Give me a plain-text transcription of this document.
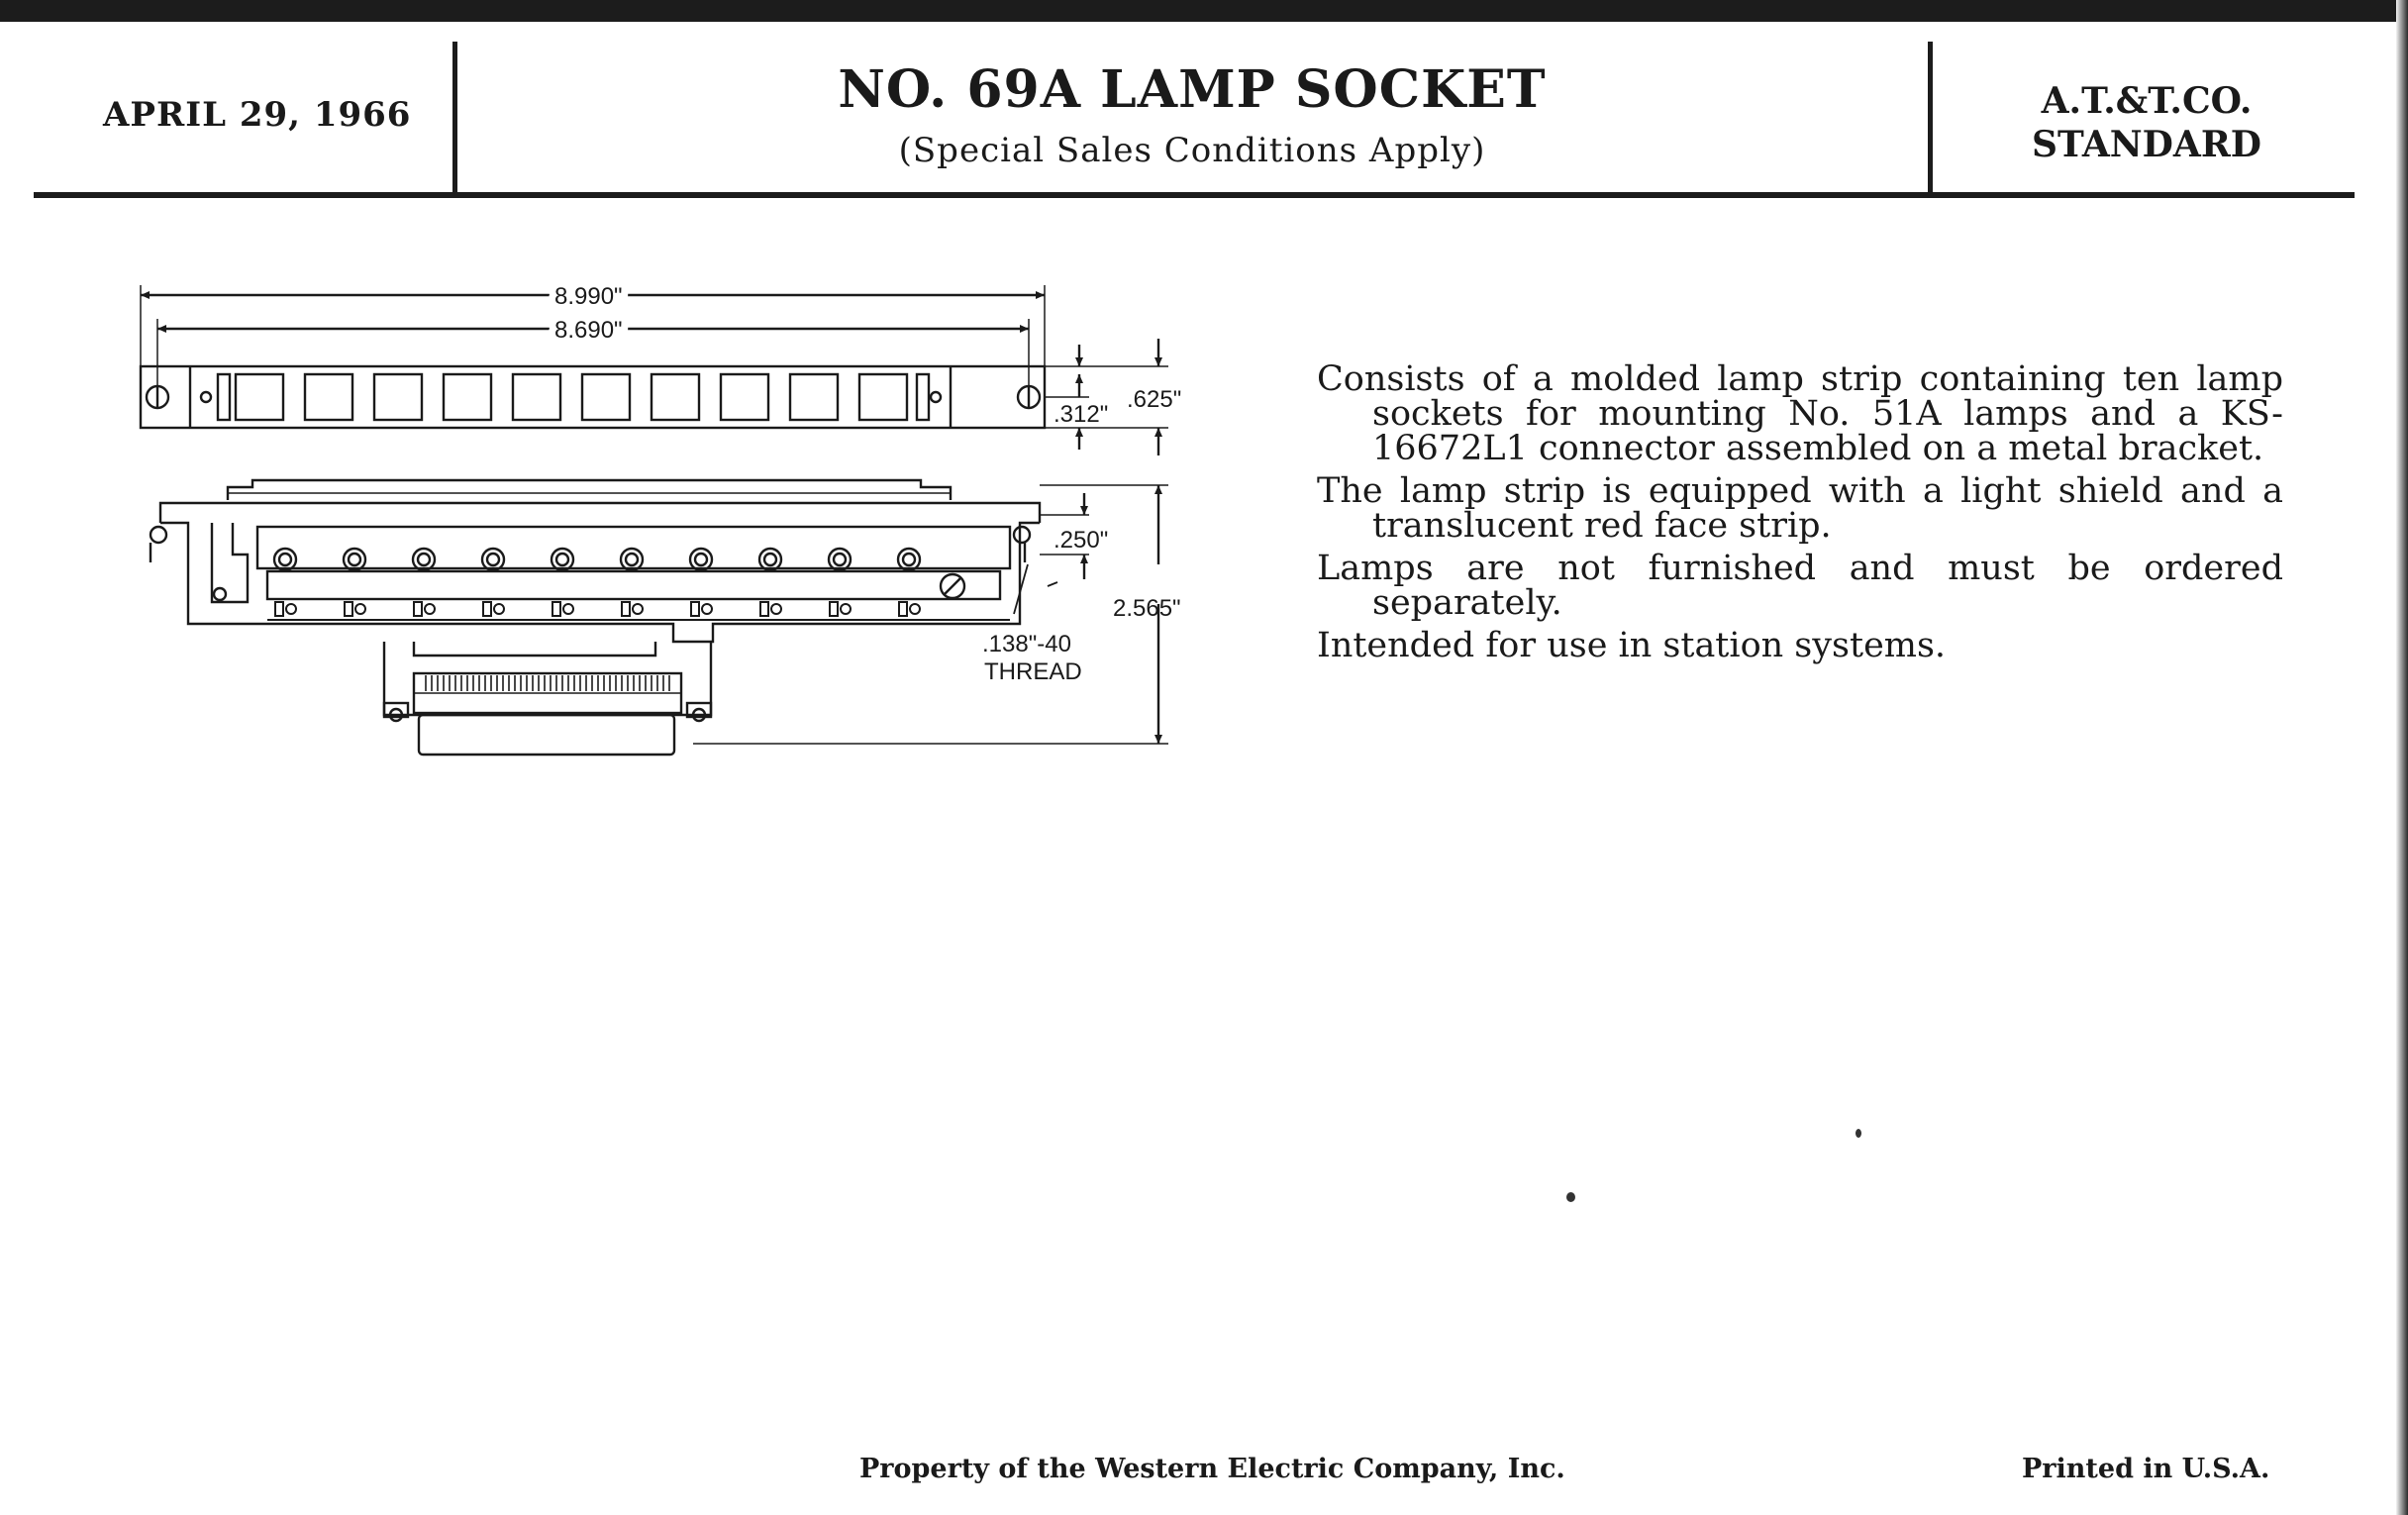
APRIL 29, 1966	NO. 69A LAMP SOCKET
(Special Sales Conditions Apply)
A.T.&T.CO.
STANDARD
8.990"
8.690"
.312"
.625"
.250"
2.565"
.138"-40
THREAD

Consists of a molded lamp strip containing ten lamp sockets for mounting No. 51A lamps and a KS-16672L1 connector assembled on a metal bracket.

The lamp strip is equipped with a light shield and a translucent red face strip.

Lamps are not furnished and must be ordered separately.

Intended for use in station systems.

Property of the Western Electric Company, Inc.	Printed in U.S.A.
